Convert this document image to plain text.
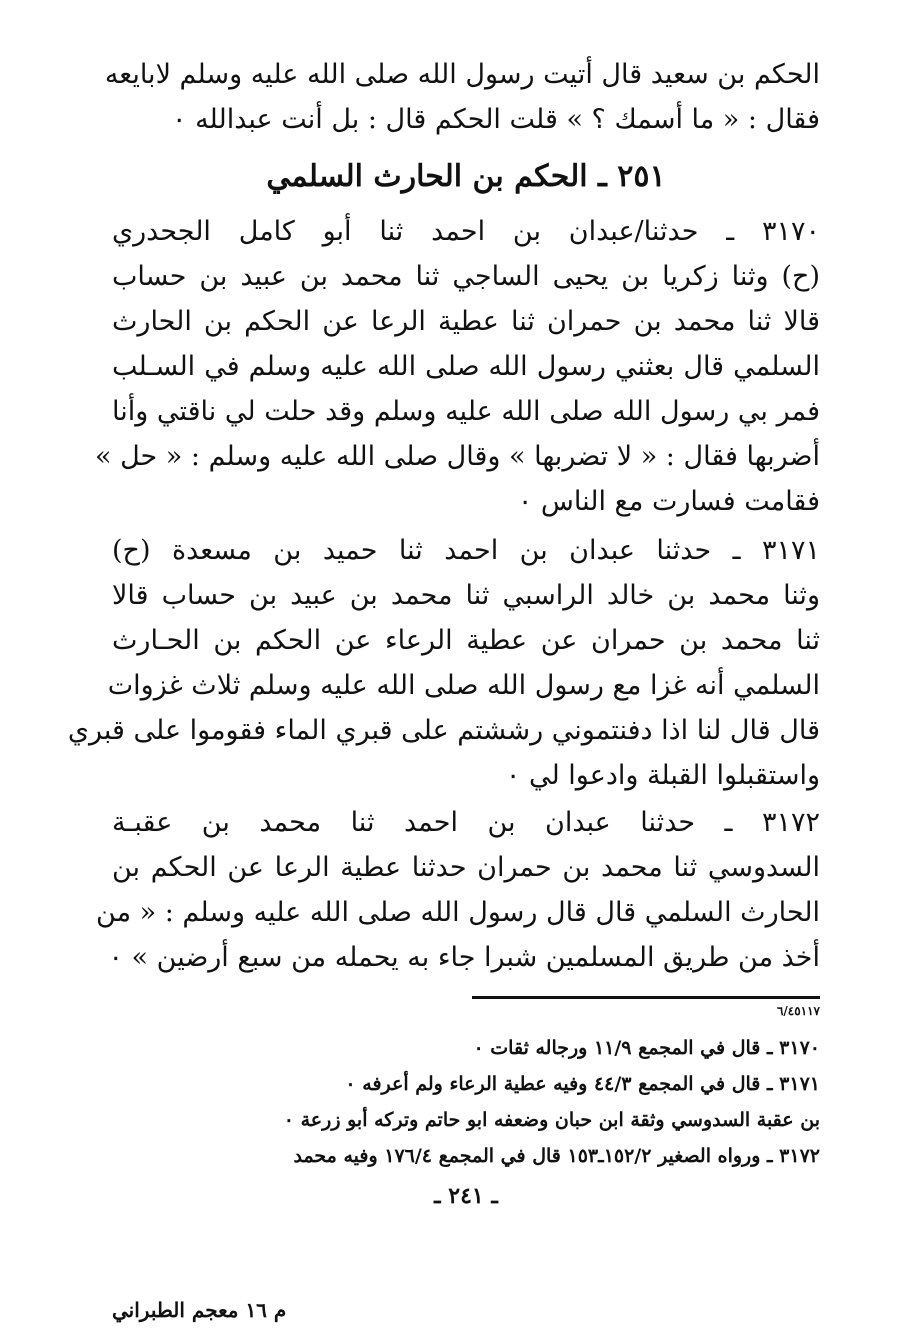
الحكم بن سعيد قال أتيت رسول الله صلى الله عليه وسلم لابايعه
فقال : « ما أسمك ؟ » قلت الحكم قال : بل أنت عبدالله ٠
٢٥١ ـ الحكم بن الحارث السلمي
٣١٧٠ ـ حدثنا/عبدان بن احمد ثنا أبو كامل الجحدري
(ح) وثنا زكريا بن يحيى الساجي ثنا محمد بن عبيد بن حساب
قالا ثنا محمد بن حمران ثنا عطية الرعا عن الحكم بن الحارث
السلمي قال بعثني رسول الله صلى الله عليه وسلم في السـلب
فمر بي رسول الله صلى الله عليه وسلم وقد حلت لي ناقتي وأنا
أضربها فقال : « لا تضربها » وقال صلى الله عليه وسلم : « حل »
فقامت فسارت مع الناس ٠
٣١٧١ ـ حدثنا عبدان بن احمد ثنا حميد بن مسعدة (ح)
وثنا محمد بن خالد الراسبي ثنا محمد بن عبيد بن حساب قالا
ثنا محمد بن حمران عن عطية الرعاء عن الحكم بن الحـارث
السلمي أنه غزا مع رسول الله صلى الله عليه وسلم ثلاث غزوات
قال قال لنا اذا دفنتموني رششتم على قبري الماء فقوموا على قبري
واستقبلوا القبلة وادعوا لي ٠
٣١٧٢ ـ حدثنا عبدان بن احمد ثنا محمد بن عقبـة
السدوسي ثنا محمد بن حمران حدثنا عطية الرعا عن الحكم بن
الحارث السلمي قال قال رسول الله صلى الله عليه وسلم : « من
أخذ من طريق المسلمين شبرا جاء به يحمله من سبع أرضين » ٠
٦/٤٥١١٧
٣١٧٠ ـ قال في المجمع ١١/٩ ورجاله ثقات ٠
٣١٧١ ـ قال في المجمع ٤٤/٣ وفيه عطية الرعاء ولم أعرفه ٠
بن عقبة السدوسي وثقة ابن حبان وضعفه ابو حاتم وتركه أبو زرعة ٠
٣١٧٢ ـ ورواه الصغير ١٥٢/٢ـ١٥٣ قال في المجمع ١٧٦/٤ وفيه محمد
ـ ٢٤١ ـ
م ١٦ معجم الطبراني
